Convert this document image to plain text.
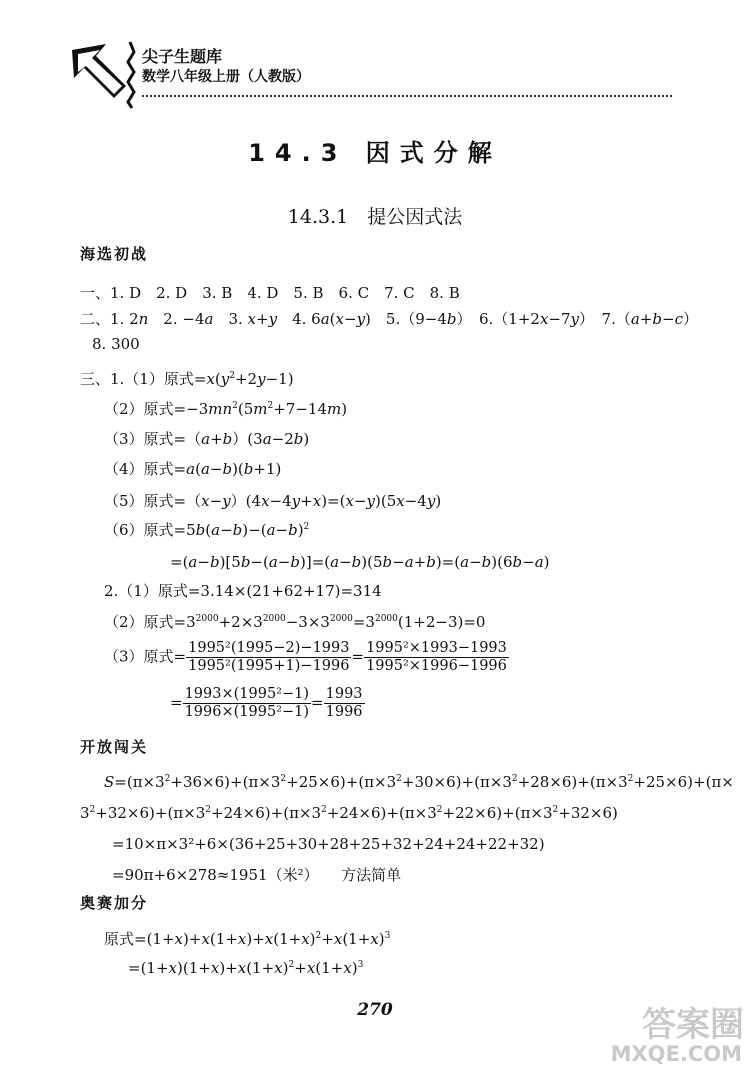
尖子生题库
数学八年级上册（人教版）
14.3 因式分解
14.3.1　提公因式法
海选初战
一、1. D　2. D　3. B　4. D　5. B　6. C　7. C　8. B
二、1. 2n　2. −4a　3. x+y　4. 6a(x−y)　5.（9−4b）　6.（1+2x−7y）　7.（a+b−c）
8. 300
三、1.（1）原式$=x(y^2+2y-1)$
（2）原式$=-3mn^2(5m^2+7-14m)$
（3）原式=（a+b）(3a−2b)
（4）原式=a(a−b)(b+1)
（5）原式=（x−y）(4x−4y+x)=(x−y)(5x−4y)
（6）原式$=5b(a-b)-(a-b)^2$
=(a−b)[5b−(a−b)]=(a−b)(5b−a+b)=(a−b)(6b−a)
2.（1）原式=3.14×(21+62+17)=314
（2）原式$=3^{2000}+2\times 3^{2000}-3\times 3^{2000}=3^{2000}(1+2-3)=0$
（3）原式= $\frac{\text{1995²(1995−2)−1993}}{\text{1995²(1995+1)−1996}} = \frac{\text{1995²×1993−1993}}{\text{1995²×1996−1996}}$
= $\frac{\text{1993×(1995²−1)}}{\text{1996×(1995²−1)}} = \frac{1993}{1996}$
开放闯关
$S=(\pi\times 3^2+36\times 6)+(\pi\times 3^2+25\times 6)+(\pi\times 3^2+30\times 6)+(\pi\times 3^2+28\times 6)+(\pi\times 3^2+25\times 6)+(\pi\times$
$3^2+32\times 6)+(\pi\times 3^2+24\times 6)+(\pi\times 3^2+24\times 6)+(\pi\times 3^2+22\times 6)+(\pi\times 3^2+32\times 6)$
=10×π×3²+6×(36+25+30+28+25+32+24+24+22+32)
=90π+6×278≈1951（米²）　　 方法简单
奥赛加分
原式$=(1+x)+x(1+x)+x(1+x)^2+x(1+x)^3$
$=(1+x)(1+x)+x(1+x)^2+x(1+x)^3$
270	答案圈
MXQE.COM
